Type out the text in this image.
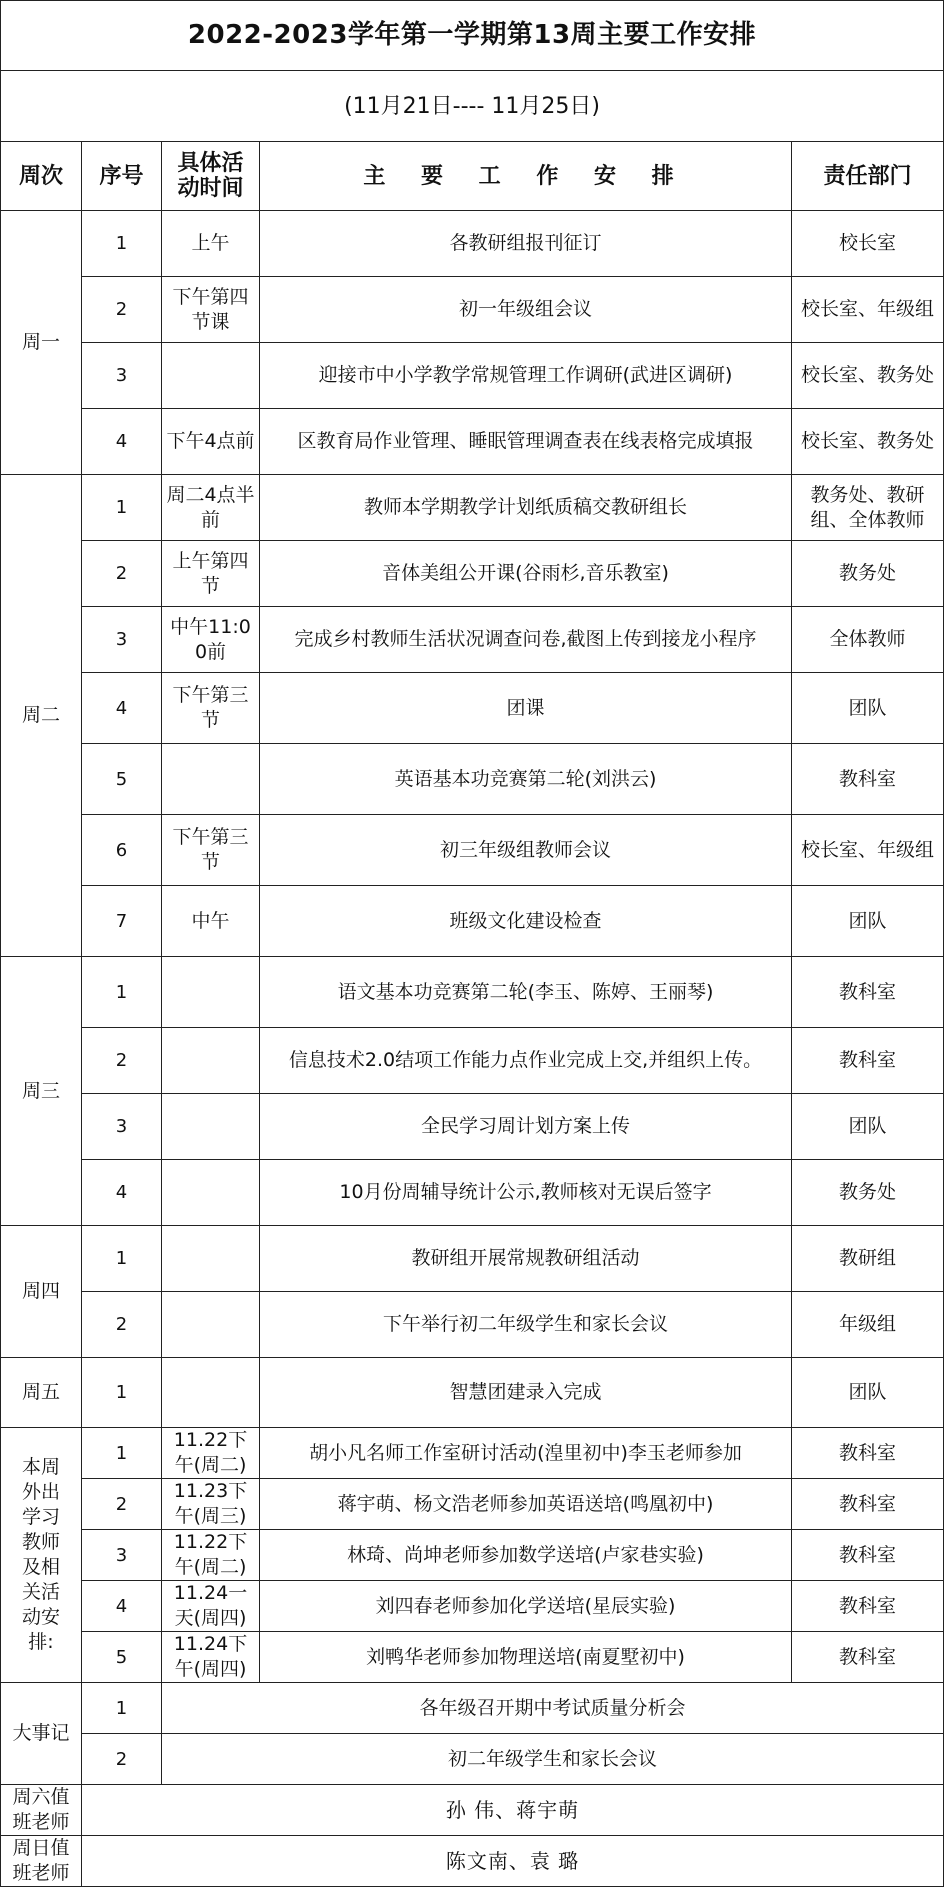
2022-2023学年第一学期第13周主要工作安排				
(11月21日---- 11月25日)				
周次	序号	具体活动时间	主 要 工 作 安 排	责任部门
周一	1	上午	各教研组报刊征订	校长室
	2	下午第四节课	初一年级组会议	校长室、年级组
	3		迎接市中小学教学常规管理工作调研(武进区调研)	校长室、教务处
	4	下午4点前	区教育局作业管理、睡眠管理调查表在线表格完成填报	校长室、教务处
周二	1	周二4点半前	教师本学期教学计划纸质稿交教研组长	教务处、教研组、全体教师
	2	上午第四节	音体美组公开课(谷雨杉,音乐教室)	教务处
	3	中午11:00前	完成乡村教师生活状况调查问卷,截图上传到接龙小程序	全体教师
	4	下午第三节	团课	团队
	5		英语基本功竞赛第二轮(刘洪云)	教科室
	6	下午第三节	初三年级组教师会议	校长室、年级组
	7	中午	班级文化建设检查	团队
周三	1		语文基本功竞赛第二轮(李玉、陈婷、王丽琴)	教科室
	2		信息技术2.0结项工作能力点作业完成上交,并组织上传。	教科室
	3		全民学习周计划方案上传	团队
	4		10月份周辅导统计公示,教师核对无误后签字	教务处
周四	1		教研组开展常规教研组活动	教研组
	2		下午举行初二年级学生和家长会议	年级组
周五	1		智慧团建录入完成	团队
本周外出学习教师及相关活动安排:	1	11.22下午(周二)	胡小凡名师工作室研讨活动(湟里初中)李玉老师参加	教科室
	2	11.23下午(周三)	蒋宇萌、杨文浩老师参加英语送培(鸣凰初中)	教科室
	3	11.22下午(周二)	林琦、尚坤老师参加数学送培(卢家巷实验)	教科室
	4	11.24一天(周四)	刘四春老师参加化学送培(星辰实验)	教科室
	5	11.24下午(周四)	刘鸭华老师参加物理送培(南夏墅初中)	教科室
大事记	1	各年级召开期中考试质量分析会		
	2	初二年级学生和家长会议		
周六值班老师	孙 伟、蒋宇萌			
周日值班老师	陈文南、袁 璐			
